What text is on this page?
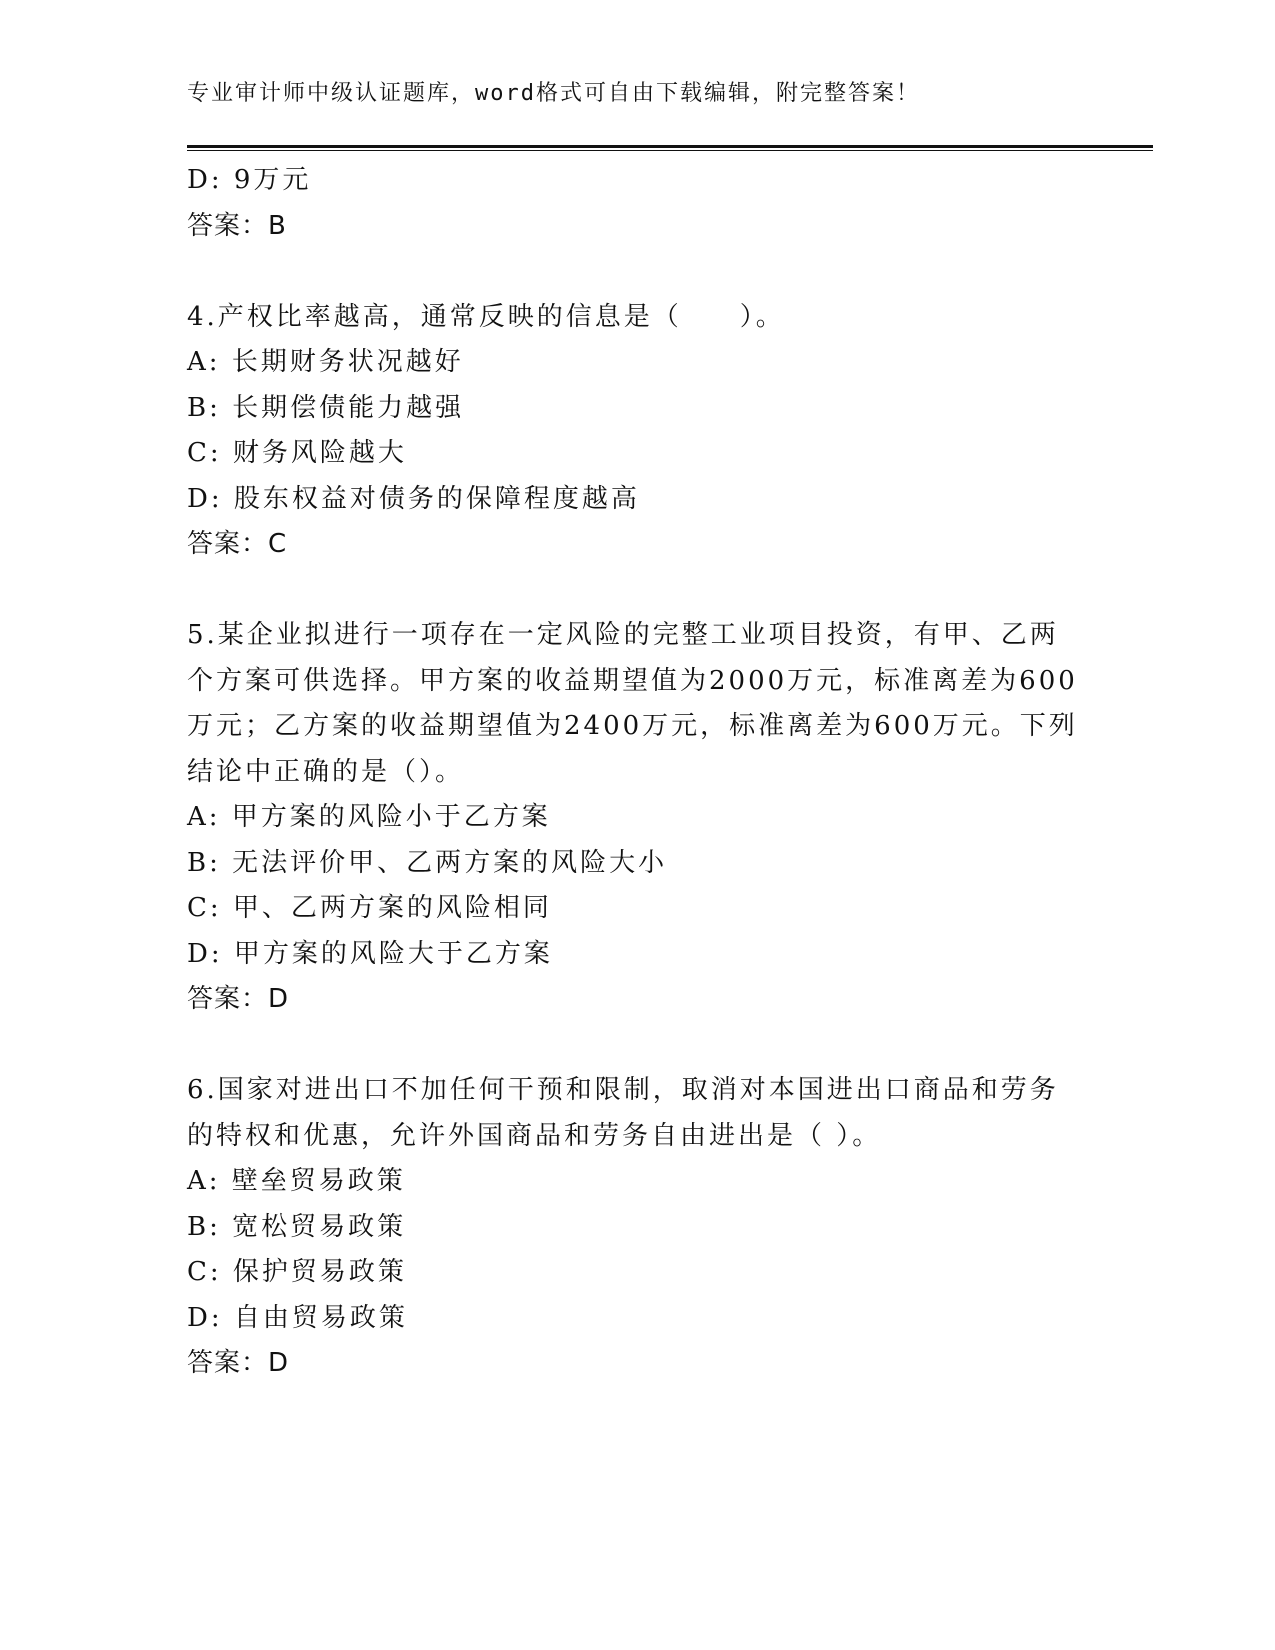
专业审计师中级认证题库，word格式可自由下载编辑，附完整答案！
D: 9万元
答案：B
4.产权比率越高，通常反映的信息是（　　）。
A: 长期财务状况越好
B: 长期偿债能力越强
C: 财务风险越大
D: 股东权益对债务的保障程度越高
答案：C
5.某企业拟进行一项存在一定风险的完整工业项目投资，有甲、乙两
个方案可供选择。甲方案的收益期望值为2000万元，标准离差为600
万元；乙方案的收益期望值为2400万元，标准离差为600万元。下列
结论中正确的是（）。
A: 甲方案的风险小于乙方案
B: 无法评价甲、乙两方案的风险大小
C: 甲、乙两方案的风险相同
D: 甲方案的风险大于乙方案
答案：D
6.国家对进出口不加任何干预和限制，取消对本国进出口商品和劳务
的特权和优惠，允许外国商品和劳务自由进出是（ ）。
A: 壁垒贸易政策
B: 宽松贸易政策
C: 保护贸易政策
D: 自由贸易政策
答案：D
